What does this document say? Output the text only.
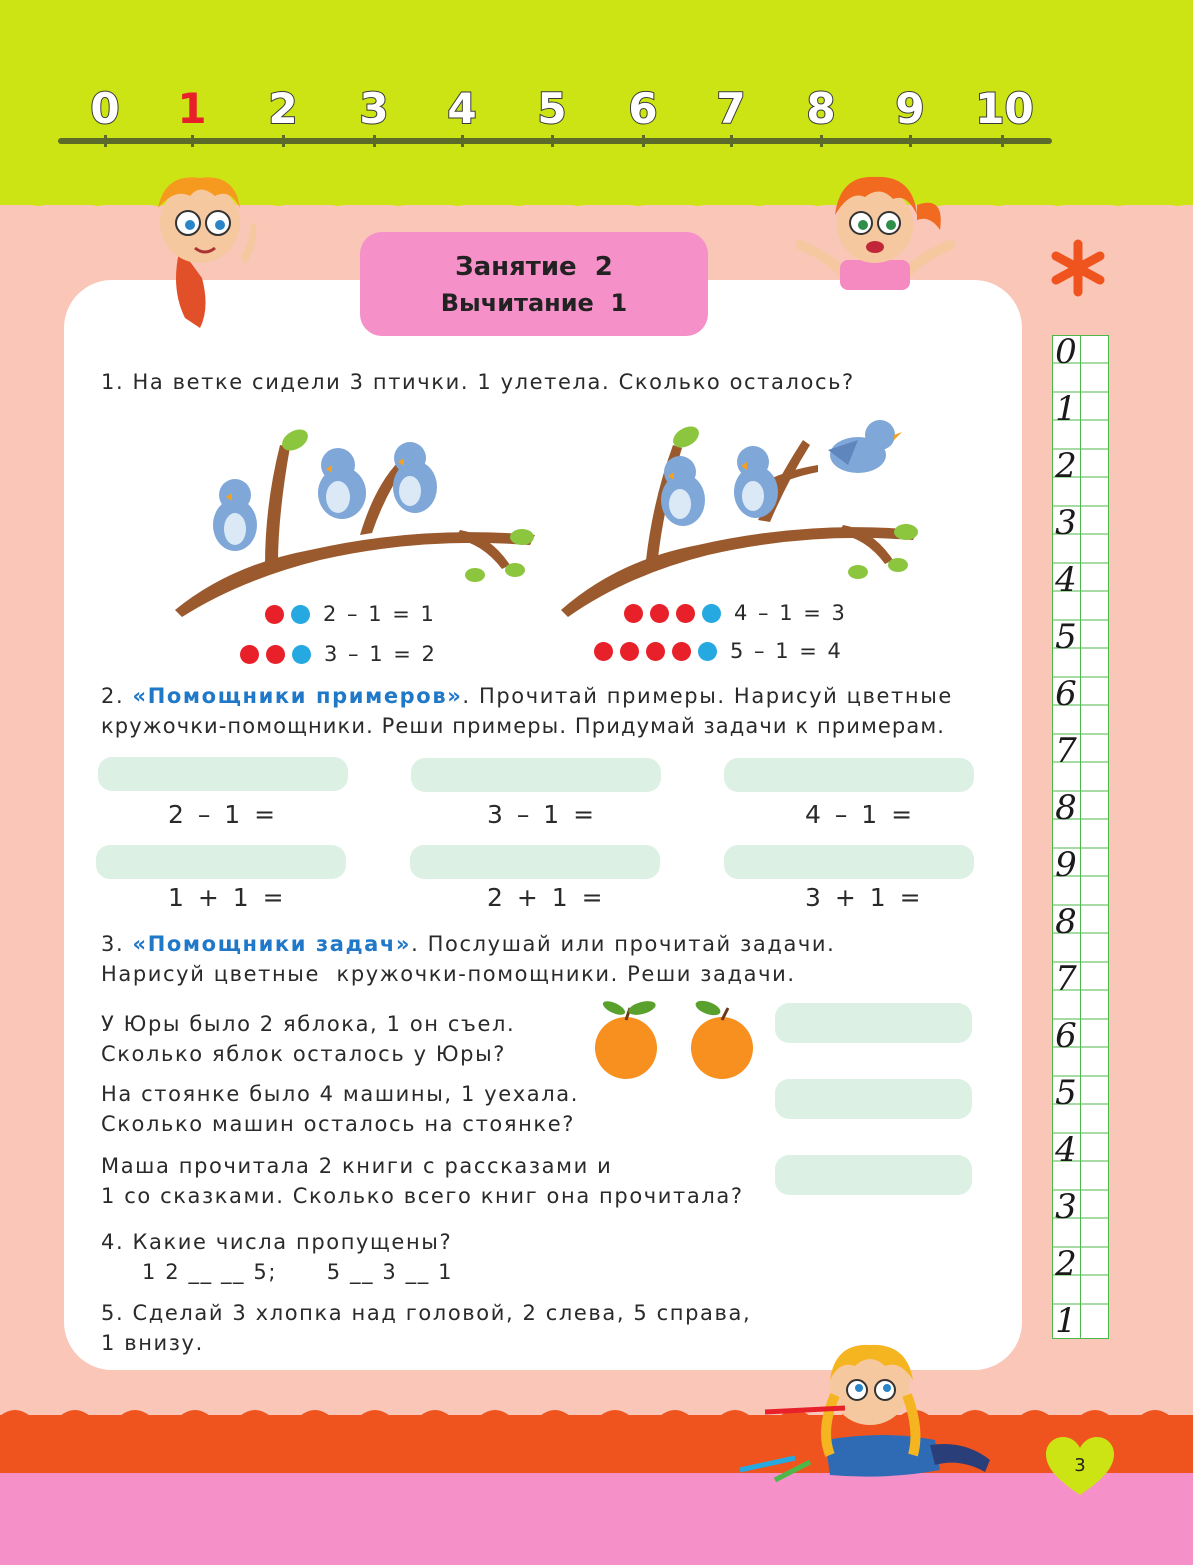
0	1	2	3	4	5	6	7	8	9	10
Занятие  2
Вычитание  1
1. На ветке сидели 3 птички. 1 улетела. Сколько осталось?
2 – 1 = 1
3 – 1 = 2
4 – 1 = 3
5 – 1 = 4
2. «Помощники примеров». Прочитай примеры. Нарисуй цветные
кружочки-помощники. Реши примеры. Придумай задачи к примерам.
2 – 1 =	3 – 1 =	4 – 1 =
1 + 1 =	2 + 1 =	3 + 1 =
3. «Помощники задач». Послушай или прочитай задачи.
Нарисуй цветные  кружочки-помощники. Реши задачи.
У Юры было 2 яблока, 1 он съел.
Сколько яблок осталось у Юры?
На стоянке было 4 машины, 1 уехала.
Сколько машин осталось на стоянке?
Маша прочитала 2 книги с рассказами и
1 со сказками. Сколько всего книг она прочитала?
4. Какие числа пропущены?
1 2 __ __ 5;      5 __ 3 __ 1
5. Сделай 3 хлопка над головой, 2 слева, 5 справа,
1 внизу.
0
1
2
3
4
5
6
7
8
9
8
7
6
5
4
3
2
1
3
